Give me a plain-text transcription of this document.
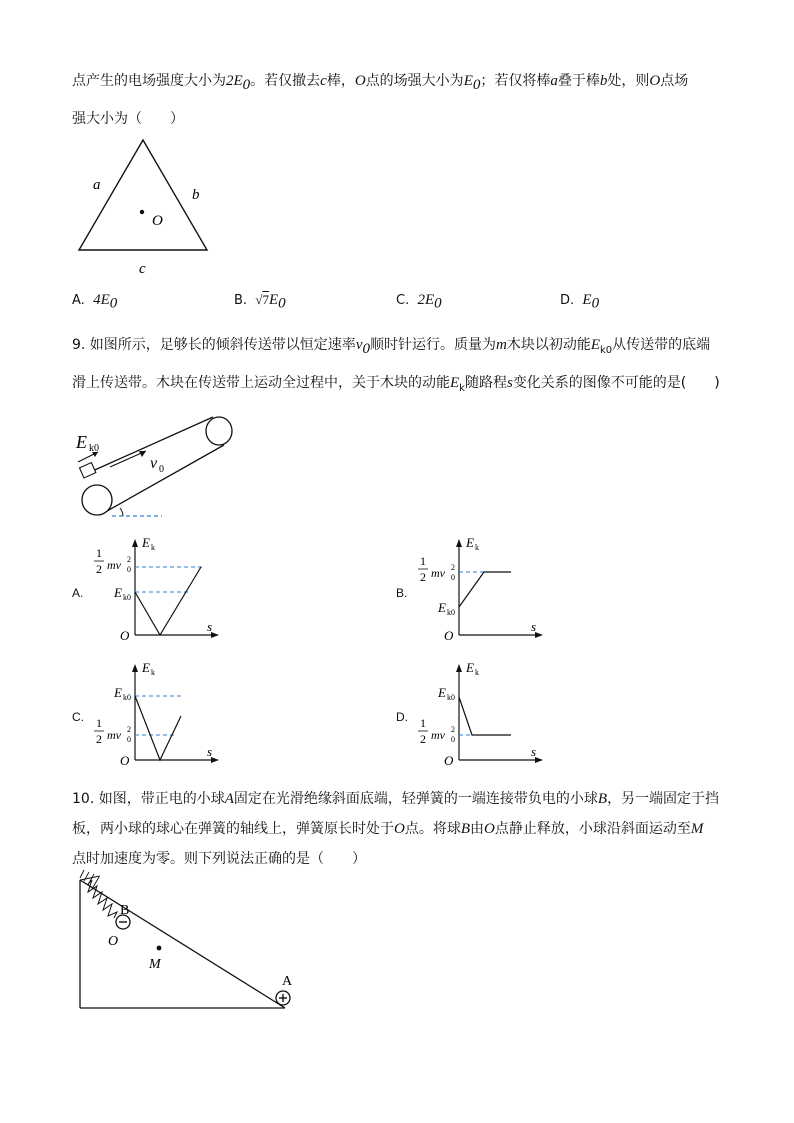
点产生的电场强度大小为$2E_0$。若仅撤去c棒，O点的场强大小为$E_0$；若仅将棒a叠于棒b处，则O点场
强大小为（　　）
a
b
O
c
A. $4E_0$	B. $√7E_0$	C. $2E_0$	D. $E_0$
9. 如图所示，足够长的倾斜传送带以恒定速率$v_0$顺时针运行。质量为m木块以初动能$E_{k0}$从传送带的底端
滑上传送带。木块在传送带上运动全过程中，关于木块的动能$E_k$随路程s变化关系的图像不可能的是(　　)
E k0
v 0
A.
E k
1
2 mv 2
0
E k0
O
s
B.
E k
1
2 mv 2
0
E k0
O
s
C.
E k
E k0
1
2 mv 2
0
O
s
D.
E k
E k0
1
2 mv 2
0
O
s
10. 如图，带正电的小球A固定在光滑绝缘斜面底端，轻弹簧的一端连接带负电的小球B，另一端固定于挡
板，两小球的球心在弹簧的轴线上，弹簧原长时处于O点。将球B由O点静止释放，小球沿斜面运动至M
点时加速度为零。则下列说法正确的是（　　）
B
O
M
A
